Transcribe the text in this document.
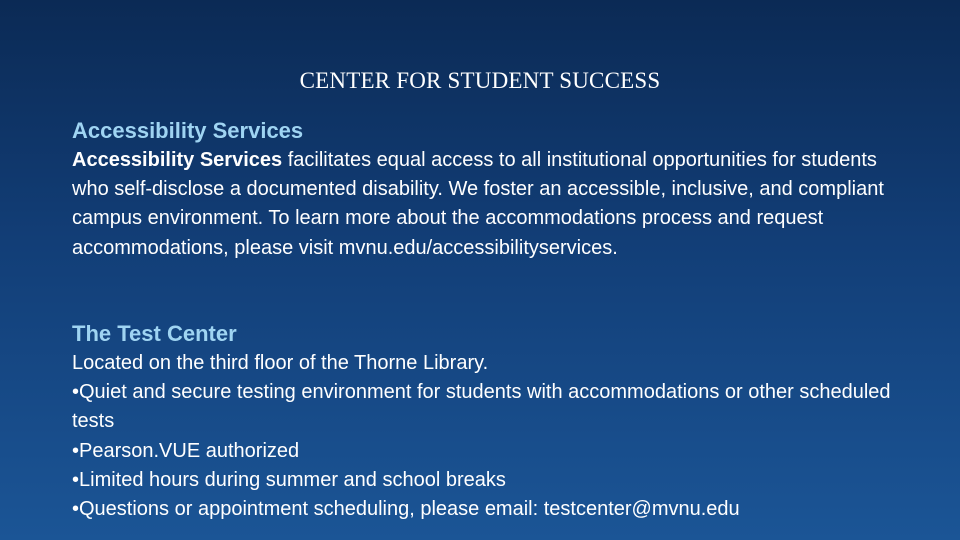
CENTER FOR STUDENT SUCCESS
Accessibility Services
Accessibility Services facilitates equal access to all institutional opportunities for students who self-disclose a documented disability. We foster an accessible, inclusive, and compliant campus environment. To learn more about the accommodations process and request accommodations, please visit mvnu.edu/accessibilityservices.
The Test Center
Located on the third floor of the Thorne Library.
•Quiet and secure testing environment for students with accommodations or other scheduled tests
•Pearson.VUE authorized
•Limited hours during summer and school breaks
•Questions or appointment scheduling, please email: testcenter@mvnu.edu
